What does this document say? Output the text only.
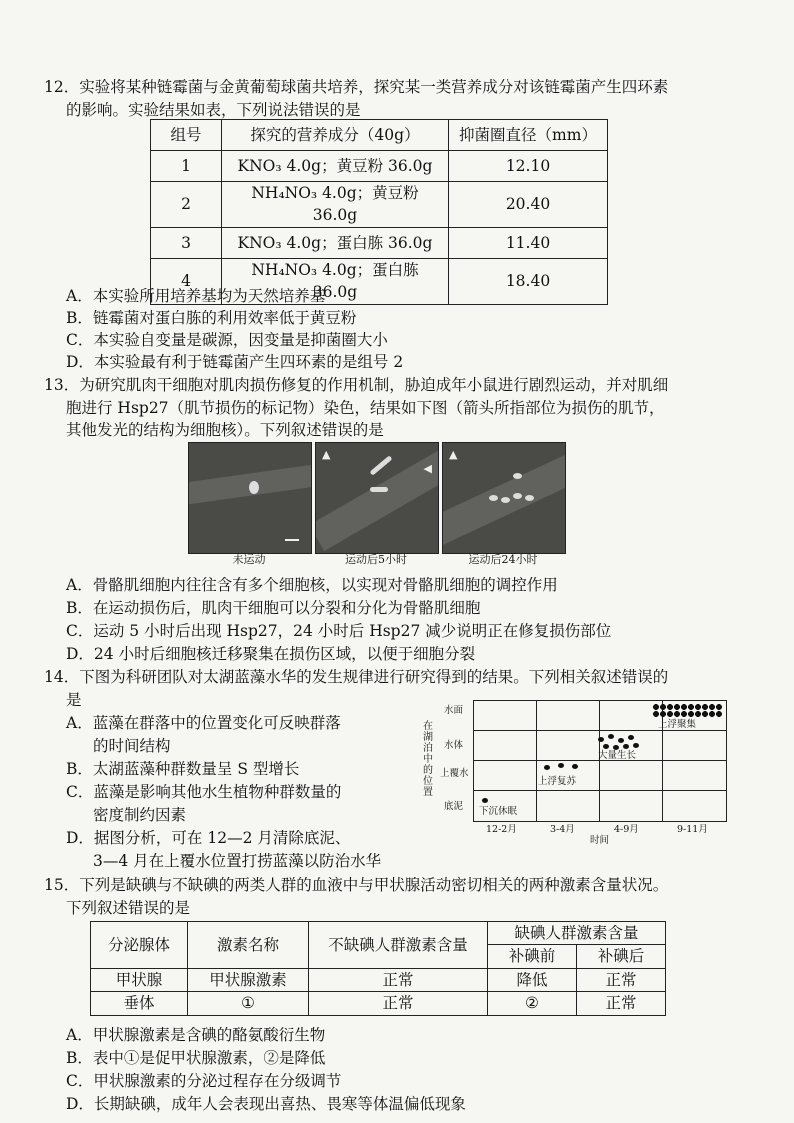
12．实验将某种链霉菌与金黄葡萄球菌共培养，探究某一类营养成分对该链霉菌产生四环素
的影响。实验结果如表，下列说法错误的是
组号	探究的营养成分（40g）	抑菌圈直径（mm）
1	KNO₃ 4.0g；黄豆粉 36.0g	12.10
2	NH₄NO₃ 4.0g；黄豆粉 36.0g	20.40
3	KNO₃ 4.0g；蛋白胨 36.0g	11.40
4	NH₄NO₃ 4.0g；蛋白胨 36.0g	18.40
A．本实验所用培养基均为天然培养基
B．链霉菌对蛋白胨的利用效率低于黄豆粉
C．本实验自变量是碳源，因变量是抑菌圈大小
D．本实验最有利于链霉菌产生四环素的是组号 2
13．为研究肌肉干细胞对肌肉损伤修复的作用机制，胁迫成年小鼠进行剧烈运动，并对肌细
胞进行 Hsp27（肌节损伤的标记物）染色，结果如下图（箭头所指部位为损伤的肌节，
其他发光的结构为细胞核）。下列叙述错误的是
▲
◀
▲
未运动	运动后5小时	运动后24小时
A．骨骼肌细胞内往往含有多个细胞核，以实现对骨骼肌细胞的调控作用
B．在运动损伤后，肌肉干细胞可以分裂和分化为骨骼肌细胞
C．运动 5 小时后出现 Hsp27，24 小时后 Hsp27 减少说明正在修复损伤部位
D．24 小时后细胞核迁移聚集在损伤区域，以便于细胞分裂
14．下图为科研团队对太湖蓝藻水华的发生规律进行研究得到的结果。下列相关叙述错误的
是
A．蓝藻在群落中的位置变化可反映群落
的时间结构
B．太湖蓝藻种群数量呈 S 型增长
C．蓝藻是影响其他水生植物种群数量的
密度制约因素
D．据图分析，可在 12—2 月清除底泥、
3—4 月在上覆水位置打捞蓝藻以防治水华
在湖泊中的位置
水面
水体
上覆水
底泥 下沉休眠
上浮复苏
大量生长
上浮聚集
12-2月	3-4月	4-9月	9-11月
时间
15．下列是缺碘与不缺碘的两类人群的血液中与甲状腺活动密切相关的两种激素含量状况。
下列叙述错误的是
分泌腺体	激素名称	不缺碘人群激素含量	缺碘人群激素含量	
			补碘前	补碘后
甲状腺	甲状腺激素	正常	降低	正常
垂体	①	正常	②	正常
A．甲状腺激素是含碘的酪氨酸衍生物
B．表中①是促甲状腺激素，②是降低
C．甲状腺激素的分泌过程存在分级调节
D．长期缺碘，成年人会表现出喜热、畏寒等体温偏低现象
